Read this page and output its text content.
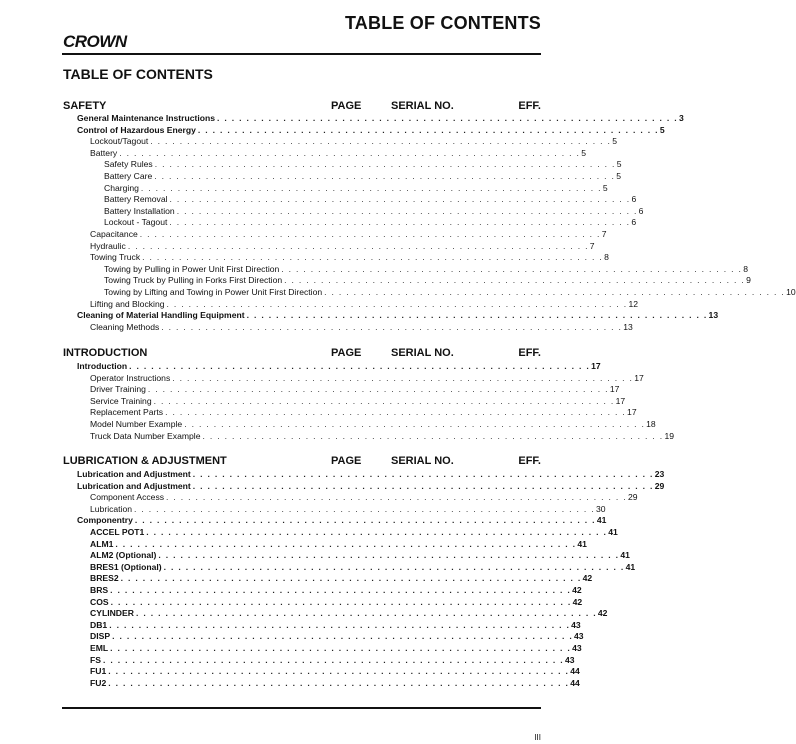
TABLE OF CONTENTS
CROWN
TABLE OF CONTENTS
SAFETY	PAGE	SERIAL NO.	EFF.
General Maintenance Instructions . . . . . . . . . . . . . . . . . . . . . . . . . . . . . . . . . . . . . . . . . . . . . . . . . . . . . . . . . . . . . . . 3
Control of Hazardous Energy . . . . . . . . . . . . . . . . . . . . . . . . . . . . . . . . . . . . . . . . . . . . . . . . . . . . . . . . . . . . . . . 5
Lockout/Tagout . . . . . . . . . . . . . . . . . . . . . . . . . . . . . . . . . . . . . . . . . . . . . . . . . . . . . . . . . . . . . . . 5
Battery . . . . . . . . . . . . . . . . . . . . . . . . . . . . . . . . . . . . . . . . . . . . . . . . . . . . . . . . . . . . . . . 5
Safety Rules . . . . . . . . . . . . . . . . . . . . . . . . . . . . . . . . . . . . . . . . . . . . . . . . . . . . . . . . . . . . . . . 5
Battery Care . . . . . . . . . . . . . . . . . . . . . . . . . . . . . . . . . . . . . . . . . . . . . . . . . . . . . . . . . . . . . . . 5
Charging . . . . . . . . . . . . . . . . . . . . . . . . . . . . . . . . . . . . . . . . . . . . . . . . . . . . . . . . . . . . . . . 5
Battery Removal . . . . . . . . . . . . . . . . . . . . . . . . . . . . . . . . . . . . . . . . . . . . . . . . . . . . . . . . . . . . . . . 6
Battery Installation . . . . . . . . . . . . . . . . . . . . . . . . . . . . . . . . . . . . . . . . . . . . . . . . . . . . . . . . . . . . . . . 6
Lockout - Tagout . . . . . . . . . . . . . . . . . . . . . . . . . . . . . . . . . . . . . . . . . . . . . . . . . . . . . . . . . . . . . . . 6
Capacitance . . . . . . . . . . . . . . . . . . . . . . . . . . . . . . . . . . . . . . . . . . . . . . . . . . . . . . . . . . . . . . . 7
Hydraulic . . . . . . . . . . . . . . . . . . . . . . . . . . . . . . . . . . . . . . . . . . . . . . . . . . . . . . . . . . . . . . . 7
Towing Truck . . . . . . . . . . . . . . . . . . . . . . . . . . . . . . . . . . . . . . . . . . . . . . . . . . . . . . . . . . . . . . . 8
Towing by Pulling in Power Unit First Direction . . . . . . . . . . . . . . . . . . . . . . . . . . . . . . . . . . . . . . . . . . . . . . . . . . . . . . . . . . . . . . . 8
Towing Truck by Pulling in Forks First Direction . . . . . . . . . . . . . . . . . . . . . . . . . . . . . . . . . . . . . . . . . . . . . . . . . . . . . . . . . . . . . . . 9
Towing by Lifting and Towing in Power Unit First Direction . . . . . . . . . . . . . . . . . . . . . . . . . . . . . . . . . . . . . . . . . . . . . . . . . . . . . . . . . . . . . . . 10
Lifting and Blocking . . . . . . . . . . . . . . . . . . . . . . . . . . . . . . . . . . . . . . . . . . . . . . . . . . . . . . . . . . . . . . . 12
Cleaning of Material Handling Equipment . . . . . . . . . . . . . . . . . . . . . . . . . . . . . . . . . . . . . . . . . . . . . . . . . . . . . . . . . . . . . . . 13
Cleaning Methods . . . . . . . . . . . . . . . . . . . . . . . . . . . . . . . . . . . . . . . . . . . . . . . . . . . . . . . . . . . . . . . 13
INTRODUCTION	PAGE	SERIAL NO.	EFF.
Introduction . . . . . . . . . . . . . . . . . . . . . . . . . . . . . . . . . . . . . . . . . . . . . . . . . . . . . . . . . . . . . . . 17
Operator Instructions . . . . . . . . . . . . . . . . . . . . . . . . . . . . . . . . . . . . . . . . . . . . . . . . . . . . . . . . . . . . . . . 17
Driver Training . . . . . . . . . . . . . . . . . . . . . . . . . . . . . . . . . . . . . . . . . . . . . . . . . . . . . . . . . . . . . . . 17
Service Training . . . . . . . . . . . . . . . . . . . . . . . . . . . . . . . . . . . . . . . . . . . . . . . . . . . . . . . . . . . . . . . 17
Replacement Parts . . . . . . . . . . . . . . . . . . . . . . . . . . . . . . . . . . . . . . . . . . . . . . . . . . . . . . . . . . . . . . . 17
Model Number Example . . . . . . . . . . . . . . . . . . . . . . . . . . . . . . . . . . . . . . . . . . . . . . . . . . . . . . . . . . . . . . . 18
Truck Data Number Example . . . . . . . . . . . . . . . . . . . . . . . . . . . . . . . . . . . . . . . . . . . . . . . . . . . . . . . . . . . . . . . 19
LUBRICATION & ADJUSTMENT	PAGE	SERIAL NO.	EFF.
Lubrication and Adjustment . . . . . . . . . . . . . . . . . . . . . . . . . . . . . . . . . . . . . . . . . . . . . . . . . . . . . . . . . . . . . . . 23
Lubrication and Adjustment . . . . . . . . . . . . . . . . . . . . . . . . . . . . . . . . . . . . . . . . . . . . . . . . . . . . . . . . . . . . . . . 29
Component Access . . . . . . . . . . . . . . . . . . . . . . . . . . . . . . . . . . . . . . . . . . . . . . . . . . . . . . . . . . . . . . . 29
Lubrication . . . . . . . . . . . . . . . . . . . . . . . . . . . . . . . . . . . . . . . . . . . . . . . . . . . . . . . . . . . . . . . 30
Componentry . . . . . . . . . . . . . . . . . . . . . . . . . . . . . . . . . . . . . . . . . . . . . . . . . . . . . . . . . . . . . . . 41
ACCEL POT1 . . . . . . . . . . . . . . . . . . . . . . . . . . . . . . . . . . . . . . . . . . . . . . . . . . . . . . . . . . . . . . . 41
ALM1 . . . . . . . . . . . . . . . . . . . . . . . . . . . . . . . . . . . . . . . . . . . . . . . . . . . . . . . . . . . . . . . 41
ALM2 (Optional) . . . . . . . . . . . . . . . . . . . . . . . . . . . . . . . . . . . . . . . . . . . . . . . . . . . . . . . . . . . . . . . 41
BRES1 (Optional) . . . . . . . . . . . . . . . . . . . . . . . . . . . . . . . . . . . . . . . . . . . . . . . . . . . . . . . . . . . . . . . 41
BRES2 . . . . . . . . . . . . . . . . . . . . . . . . . . . . . . . . . . . . . . . . . . . . . . . . . . . . . . . . . . . . . . . 42
BRS . . . . . . . . . . . . . . . . . . . . . . . . . . . . . . . . . . . . . . . . . . . . . . . . . . . . . . . . . . . . . . . 42
COS . . . . . . . . . . . . . . . . . . . . . . . . . . . . . . . . . . . . . . . . . . . . . . . . . . . . . . . . . . . . . . . 42
CYLINDER . . . . . . . . . . . . . . . . . . . . . . . . . . . . . . . . . . . . . . . . . . . . . . . . . . . . . . . . . . . . . . . 42
DB1 . . . . . . . . . . . . . . . . . . . . . . . . . . . . . . . . . . . . . . . . . . . . . . . . . . . . . . . . . . . . . . . 43
DISP . . . . . . . . . . . . . . . . . . . . . . . . . . . . . . . . . . . . . . . . . . . . . . . . . . . . . . . . . . . . . . . 43
EML . . . . . . . . . . . . . . . . . . . . . . . . . . . . . . . . . . . . . . . . . . . . . . . . . . . . . . . . . . . . . . . 43
FS . . . . . . . . . . . . . . . . . . . . . . . . . . . . . . . . . . . . . . . . . . . . . . . . . . . . . . . . . . . . . . . 43
FU1 . . . . . . . . . . . . . . . . . . . . . . . . . . . . . . . . . . . . . . . . . . . . . . . . . . . . . . . . . . . . . . . 44
FU2 . . . . . . . . . . . . . . . . . . . . . . . . . . . . . . . . . . . . . . . . . . . . . . . . . . . . . . . . . . . . . . . 44
III
